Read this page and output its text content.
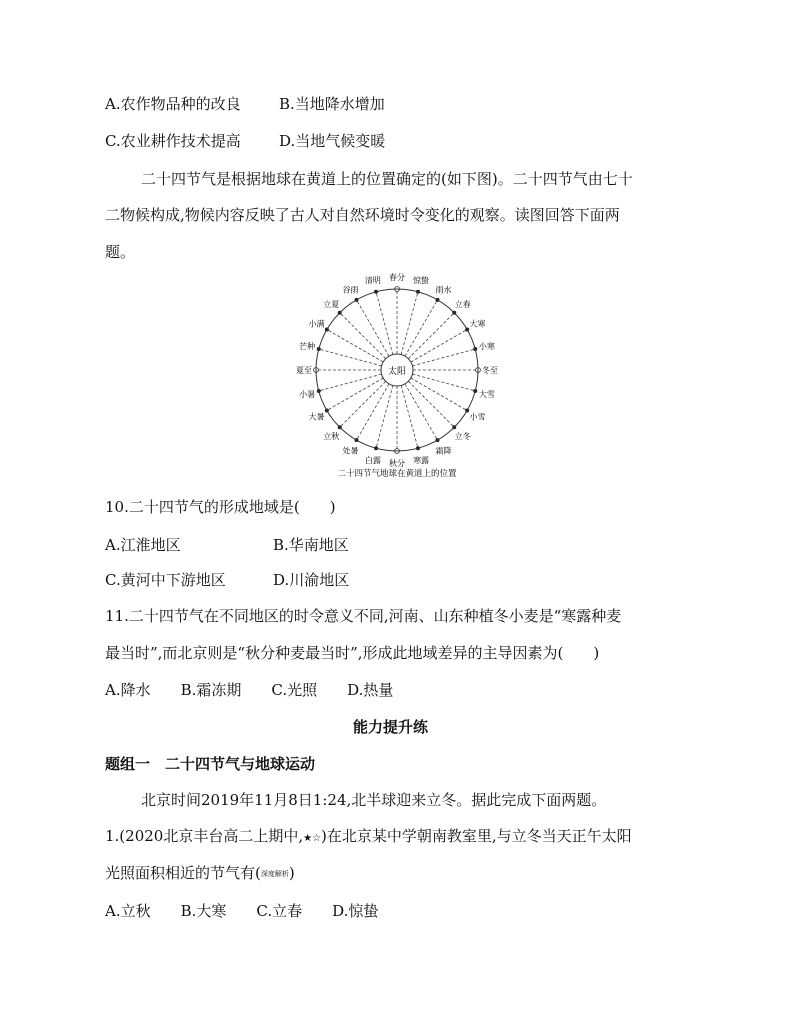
A.农作物品种的改良	B.当地降水增加
C.农业耕作技术提高	D.当地气候变暖
二十四节气是根据地球在黄道上的位置确定的(如下图)。二十四节气由七十
二物候构成,物候内容反映了古人对自然环境时令变化的观察。读图回答下面两
题。
太阳
春分
清明
谷雨
立夏
小满
芒种
夏至
小暑
大暑
立秋
处暑
白露 秋分 寒露
霜降
立冬
小雪
大雪
冬至
小寒
大寒
立春
雨水
惊蛰
二十四节气地球在黄道上的位置
10.二十四节气的形成地域是(　　)
A.江淮地区	B.华南地区
C.黄河中下游地区	D.川渝地区
11.二十四节气在不同地区的时令意义不同,河南、山东种植冬小麦是“寒露种麦
最当时”,而北京则是“秋分种麦最当时”,形成此地域差异的主导因素为(　　)
A.降水　　B.霜冻期　　C.光照　　D.热量
能力提升练
题组一　二十四节气与地球运动
北京时间2019年11月8日1:24,北半球迎来立冬。据此完成下面两题。
1.(2020北京丰台高二上期中,★☆)在北京某中学朝南教室里,与立冬当天正午太阳
光照面积相近的节气有(深度解析)
A.立秋　　B.大寒　　C.立春　　D.惊蛰
